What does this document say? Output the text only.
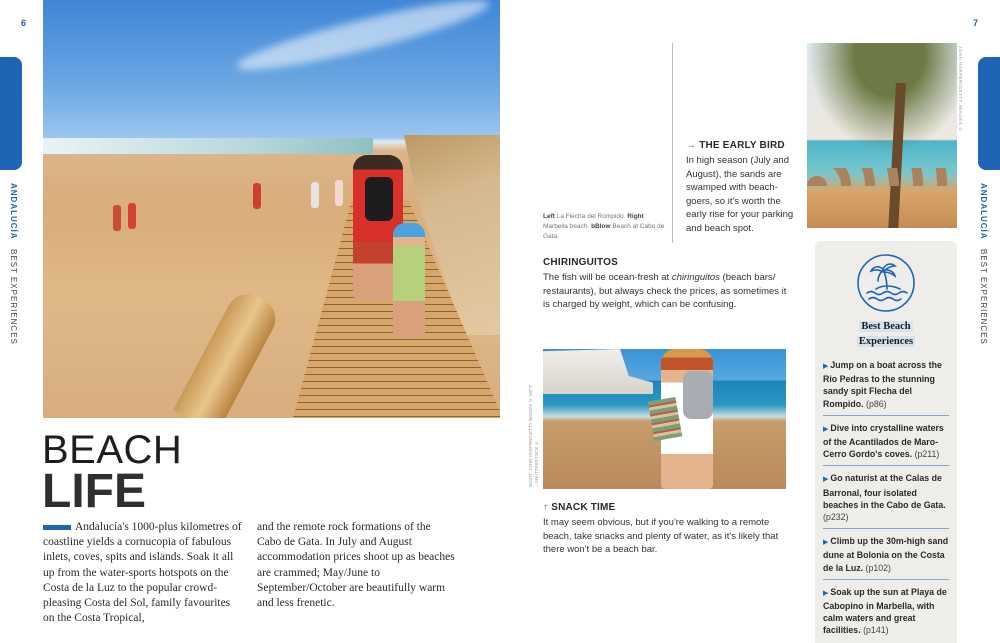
6
ANDALUCÍA BEST EXPERIENCES
BEACH
LIFE
Andalucía's 1000-plus kilometres of coastline yields a cornucopia of fabulous inlets, coves, spits and islands. Soak it all up from the water-sports hotspots on the Costa de la Luz to the popular crowd-pleasing Costa del Sol, family favourites on the Costa Tropical,
and the remote rock formations of the Cabo de Gata. In July and August accommodation prices shoot up as beaches are crammed; May/June to September/October are beautifully warm and less frenetic.
7
ANDALUCÍA BEST EXPERIENCES
Left La Flecha del Rompido. Right Marbella beach. bBlow Beach at Cabo de Gata.
→ THE EARLY BIRD
In high season (July and August), the sands are swamped with beach-goers, so it's worth the early rise for your parking and beach spot.
JOHN HARPER/GETTY IMAGES ©
CHIRINGUITOS
The fish will be ocean-fresh at chiringuitos (beach bars/ restaurants), but always check the prices, as sometimes it is charged by weight, which can be confusing.
RIGHT: JOHN HARPER/GETTY IMAGES © LEFT: ...SHUTTERSTOCK ©
↑ SNACK TIME
It may seem obvious, but if you're walking to a remote beach, take snacks and plenty of water, as it's likely that there won't be a beach bar.
Best Beach
Experiences
▶ Jump on a boat across the Rio Pedras to the stunning sandy spit Flecha del Rompido. (p86)
▶ Dive into crystalline waters of the Acantilados de Maro-Cerro Gordo's coves. (p211)
▶ Go naturist at the Calas de Barronal, four isolated beaches in the Cabo de Gata. (p232)
▶ Climb up the 30m-high sand dune at Bolonia on the Costa de la Luz. (p102)
▶ Soak up the sun at Playa de Cabopino in Marbella, with calm waters and great facilities. (p141)
